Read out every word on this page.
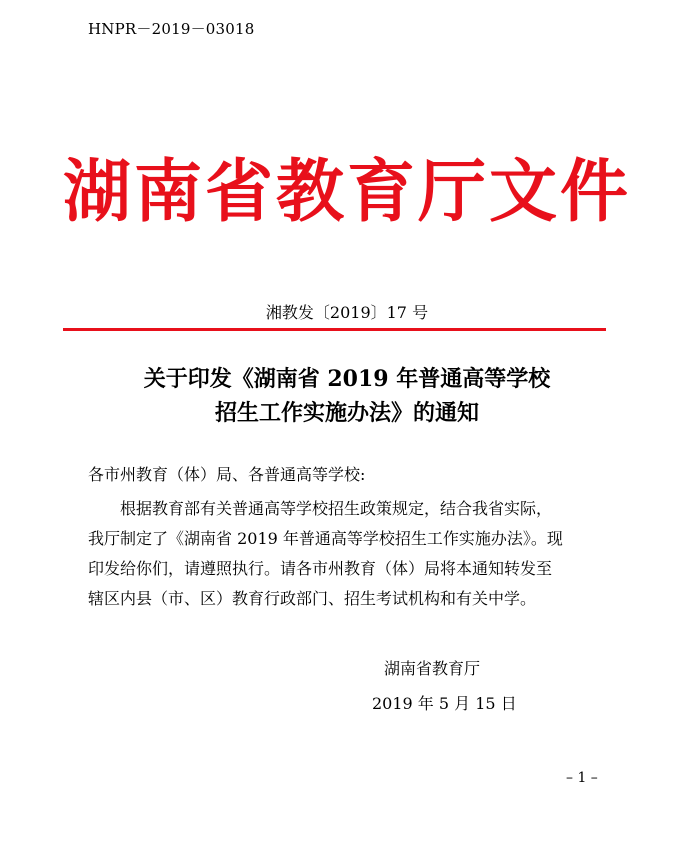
HNPR－2019－03018
湖南省教育厅文件
湘教发〔2019〕17 号
关于印发《湖南省 2019 年普通高等学校
招生工作实施办法》的通知
各市州教育（体）局、各普通高等学校:
根据教育部有关普通高等学校招生政策规定，结合我省实际，
我厅制定了《湖南省 2019 年普通高等学校招生工作实施办法》。现
印发给你们，请遵照执行。请各市州教育（体）局将本通知转发至
辖区内县（市、区）教育行政部门、招生考试机构和有关中学。
湖南省教育厅
2019 年 5 月 15 日
– 1 –
